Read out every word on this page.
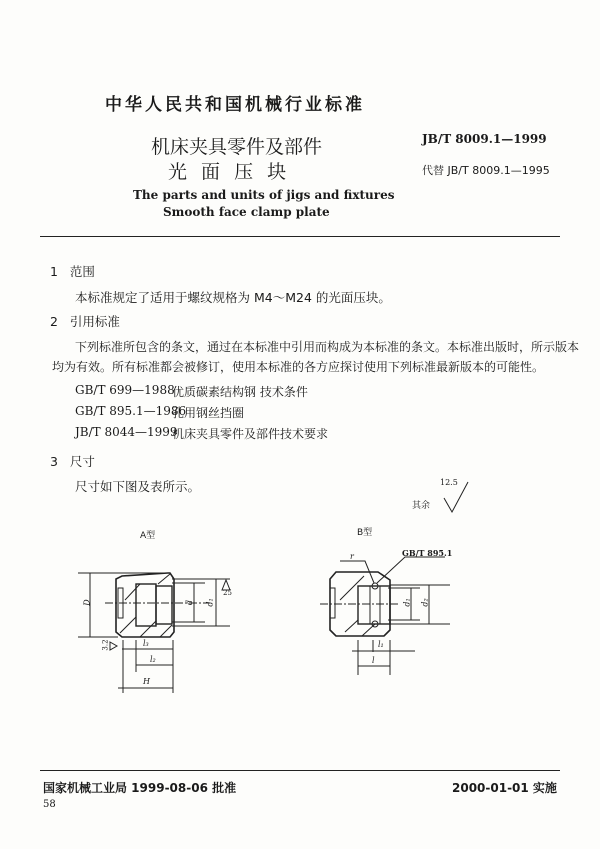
中华人民共和国机械行业标准
机床夹具零件及部件
光 面 压 块
The parts and units of jigs and fixtures
Smooth face clamp plate
JB/T 8009.1—1999
代替 JB/T 8009.1—1995
1 范围
本标准规定了适用于螺纹规格为 M4～M24 的光面压块。
2 引用标准
下列标准所包含的条文，通过在本标准中引用而构成为本标准的条文。本标准出版时，所示版本
均为有效。所有标准都会被修订，使用本标准的各方应探讨使用下列标准最新版本的可能性。
GB/T 699—1988
优质碳素结构钢 技术条件
GB/T 895.1—1986
孔用钢丝挡圈
JB/T 8044—1999
机床夹具零件及部件技术要求
3 尺寸
尺寸如下图及表所示。
其余
12.5
A型	B型
D	d d₁
25
3.2	l₃
l₂
H
r	GB/T 895.1
d₁ d₂
l₁
l
国家机械工业局 1999-08-06 批准	2000-01-01 实施
58
